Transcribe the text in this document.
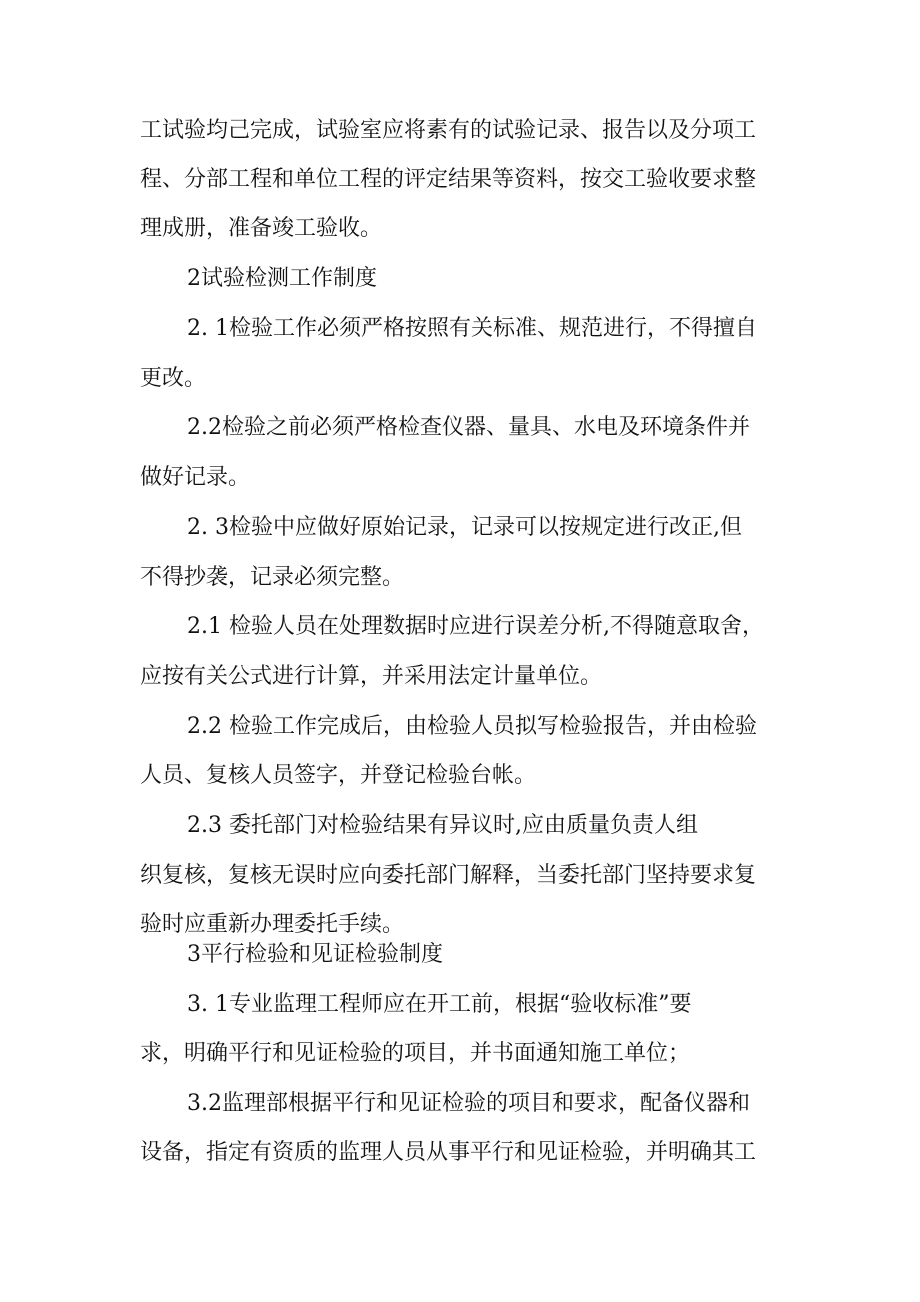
工试验均己完成，试验室应将素有的试验记录、报告以及分项工
程、分部工程和单位工程的评定结果等资料，按交工验收要求整
理成册，准备竣工验收。
2试验检测工作制度
2. 1检验工作必须严格按照有关标准、规范进行，不得擅自
更改。
2.2检验之前必须严格检查仪器、量具、水电及环境条件并
做好记录。
2. 3检验中应做好原始记录，记录可以按规定进行改正,但
不得抄袭，记录必须完整。
2.1 检验人员在处理数据时应进行误差分析,不得随意取舍，
应按有关公式进行计算，并采用法定计量单位。
2.2 检验工作完成后，由检验人员拟写检验报告，并由检验
人员、复核人员签字，并登记检验台帐。
2.3 委托部门对检验结果有异议时,应由质量负责人组
织复核，复核无误时应向委托部门解释，当委托部门坚持要求复
验时应重新办理委托手续。
3平行检验和见证检验制度
3. 1专业监理工程师应在开工前，根据“验收标准”要
求，明确平行和见证检验的项目，并书面通知施工单位；
3.2监理部根据平行和见证检验的项目和要求，配备仪器和
设备，指定有资质的监理人员从事平行和见证检验，并明确其工
